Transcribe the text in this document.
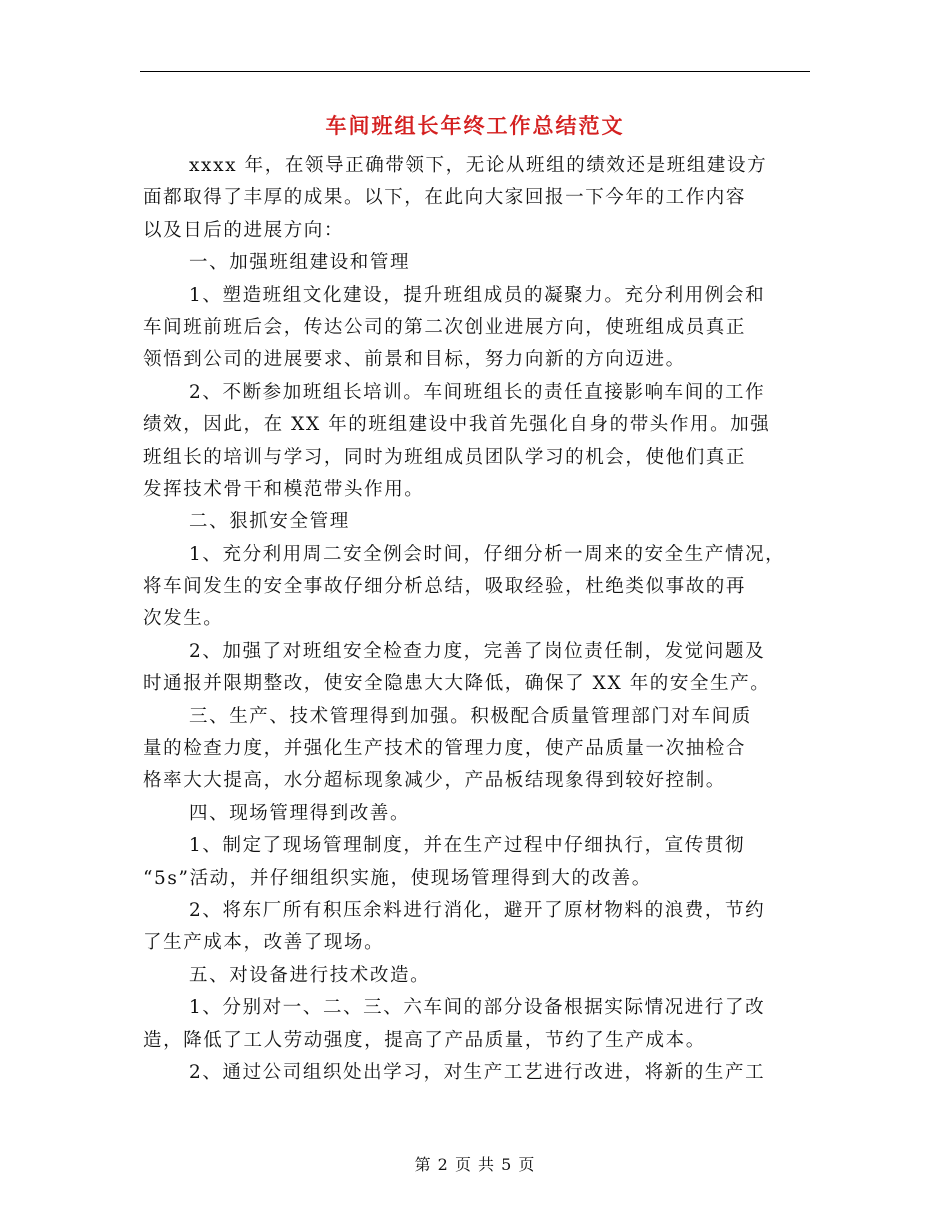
车间班组长年终工作总结范文
xxxx 年，在领导正确带领下，无论从班组的绩效还是班组建设方
面都取得了丰厚的成果。以下，在此向大家回报一下今年的工作内容
以及日后的进展方向：
一、加强班组建设和管理
1、塑造班组文化建设，提升班组成员的凝聚力。充分利用例会和
车间班前班后会，传达公司的第二次创业进展方向，使班组成员真正
领悟到公司的进展要求、前景和目标，努力向新的方向迈进。
2、不断参加班组长培训。车间班组长的责任直接影响车间的工作
绩效，因此，在 XX 年的班组建设中我首先强化自身的带头作用。加强
班组长的培训与学习，同时为班组成员团队学习的机会，使他们真正
发挥技术骨干和模范带头作用。
二、狠抓安全管理
1、充分利用周二安全例会时间，仔细分析一周来的安全生产情况，
将车间发生的安全事故仔细分析总结，吸取经验，杜绝类似事故的再
次发生。
2、加强了对班组安全检查力度，完善了岗位责任制，发觉问题及
时通报并限期整改，使安全隐患大大降低，确保了 XX 年的安全生产。
三、生产、技术管理得到加强。积极配合质量管理部门对车间质
量的检查力度，并强化生产技术的管理力度，使产品质量一次抽检合
格率大大提高，水分超标现象减少，产品板结现象得到较好控制。
四、现场管理得到改善。
1、制定了现场管理制度，并在生产过程中仔细执行，宣传贯彻
“5s”活动，并仔细组织实施，使现场管理得到大的改善。
2、将东厂所有积压余料进行消化，避开了原材物料的浪费，节约
了生产成本，改善了现场。
五、对设备进行技术改造。
1、分别对一、二、三、六车间的部分设备根据实际情况进行了改
造，降低了工人劳动强度，提高了产品质量，节约了生产成本。
2、通过公司组织处出学习，对生产工艺进行改进，将新的生产工
第 2 页 共 5 页
